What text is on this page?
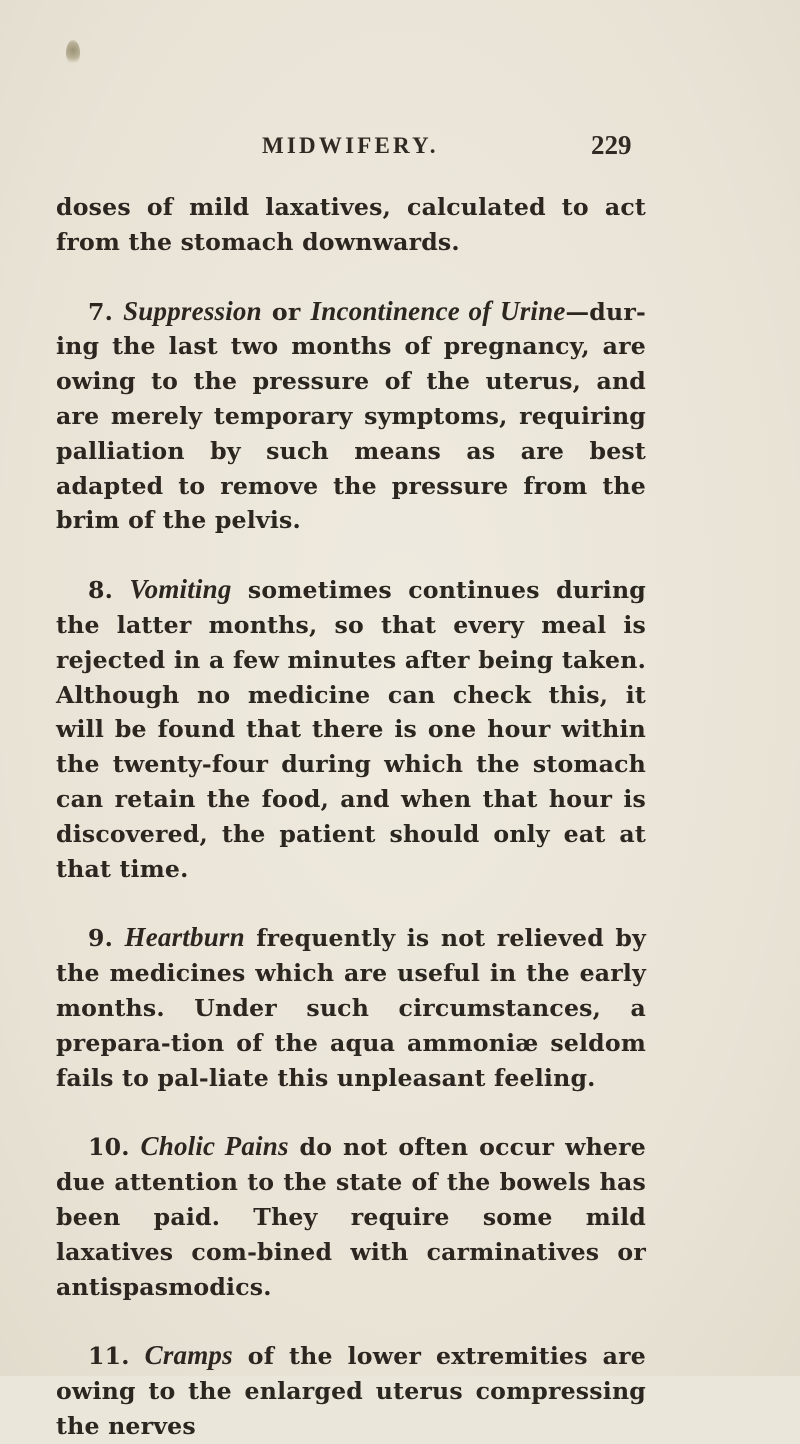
MIDWIFERY.	229

doses of mild laxatives, calculated to act from the stomach downwards.

7. Suppression or Incontinence of Urine—dur-ing the last two months of pregnancy, are owing to the pressure of the uterus, and are merely temporary symptoms, requiring palliation by such means as are best adapted to remove the pressure from the brim of the pelvis.

8. Vomiting sometimes continues during the latter months, so that every meal is rejected in a few minutes after being taken. Although no medicine can check this, it will be found that there is one hour within the twenty-four during which the stomach can retain the food, and when that hour is discovered, the patient should only eat at that time.

9. Heartburn frequently is not relieved by the medicines which are useful in the early months. Under such circumstances, a prepara-tion of the aqua ammoniæ seldom fails to pal-liate this unpleasant feeling.

10. Cholic Pains do not often occur where due attention to the state of the bowels has been paid. They require some mild laxatives com-bined with carminatives or antispasmodics.

11. Cramps of the lower extremities are owing to the enlarged uterus compressing the nerves
